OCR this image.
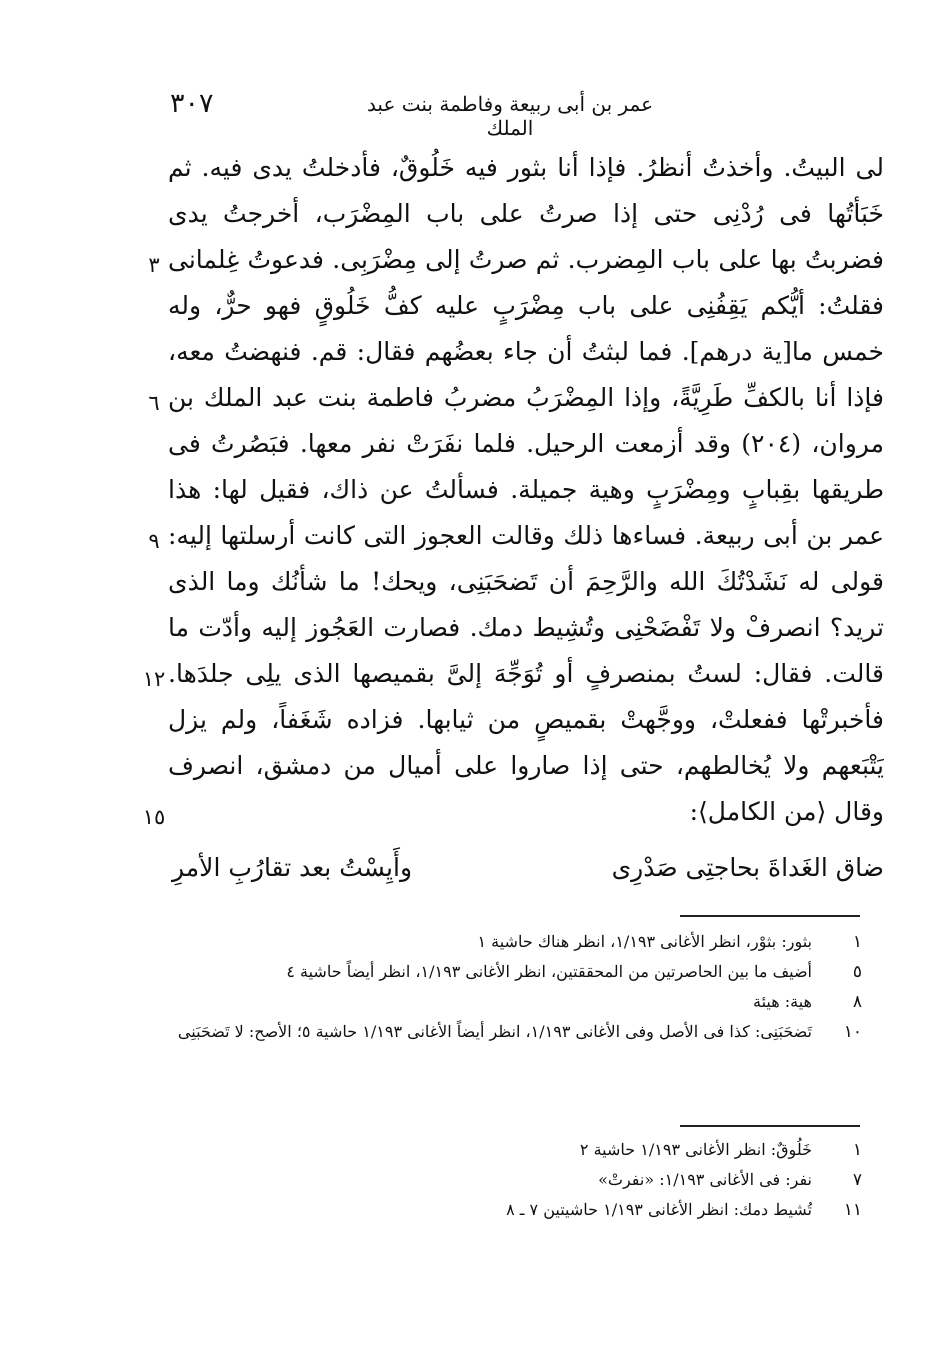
٣٠٧	عمر بن أبى ربيعة وفاطمة بنت عبد الملك
لى البيتُ. وأخذتُ أنظرُ. فإذا أنا بثور فيه خَلُوقٌ، فأدخلتُ يدى فيه. ثم
خَبَأتُها فى رُدْنِى حتى إذا صرتُ على باب المِضْرَب، أخرجتُ يدى
فضربتُ بها على باب المِضرب. ثم صرتُ إلى مِضْرَبِى. فدعوتُ غِلمانى
فقلتُ: أيُّكم يَقِفُنِى على باب مِضْرَبٍ عليه كفُّ خَلُوقٍ فهو حرٌّ، وله
خمس ما[ية درهم]. فما لبثتُ أن جاء بعضُهم فقال: قم. فنهضتُ معه،
فإذا أنا بالكفِّ طَرِيَّةً، وإذا المِضْرَبُ مضربُ فاطمة بنت عبد الملك بن
مروان، (٢٠٤) وقد أزمعت الرحيل. فلما نفَرَتْ نفر معها. فبَصُرتُ فى
طريقها بقِبابٍ ومِضْرَبٍ وهية جميلة. فسألتُ عن ذاك، فقيل لها: هذا
عمر بن أبى ربيعة. فساءها ذلك وقالت العجوز التى كانت أرسلتها إليه:
قولى له نَشَدْتُكَ الله والرَّحِمَ أن تَضحَبَنِى، ويحك! ما شأنُك وما الذى
تريد؟ انصرفْ ولا تَفْضَحْنِى وتُشِيط دمك. فصارت العَجُوز إليه وأدّت ما
قالت. فقال: لستُ بمنصرفٍ أو تُوَجِّهَ إلىَّ بقميصها الذى يلِى جلدَها.
فأخبرتْها ففعلتْ، ووجَّهتْ بقميصٍ من ثيابها. فزاده شَغَفاً، ولم يزل
يَتْبَعهم ولا يُخالطهم، حتى إذا صاروا على أميال من دمشق، انصرف
وقال ⟨من الكامل⟩:
٣
٦
٩
١٢
١٥
ضاق الغَداةَ بحاجتِى صَدْرِى
وأَيِسْتُ بعد تقارُبِ الأمرِ
١
بثور: بثوْر، انظر الأغانى ١/١٩٣، انظر هناك حاشية ١
٥
أضيف ما بين الحاصرتين من المحققتين، انظر الأغانى ١/١٩٣، انظر أيضاً حاشية ٤
٨
هية: هيئة
١٠
تَضحَبَنِى: كذا فى الأصل وفى الأغانى ١/١٩٣، انظر أيضاً الأغانى ١/١٩٣ حاشية ٥؛ الأصح: لا تَضحَبَنِى
١
خَلُوقٌ: انظر الأغانى ١/١٩٣ حاشية ٢
٧
نفر: فى الأغانى ١/١٩٣: «نفرتْ»
١١
تُشيط دمك: انظر الأغانى ١/١٩٣ حاشيتين ٧ ـ ٨
